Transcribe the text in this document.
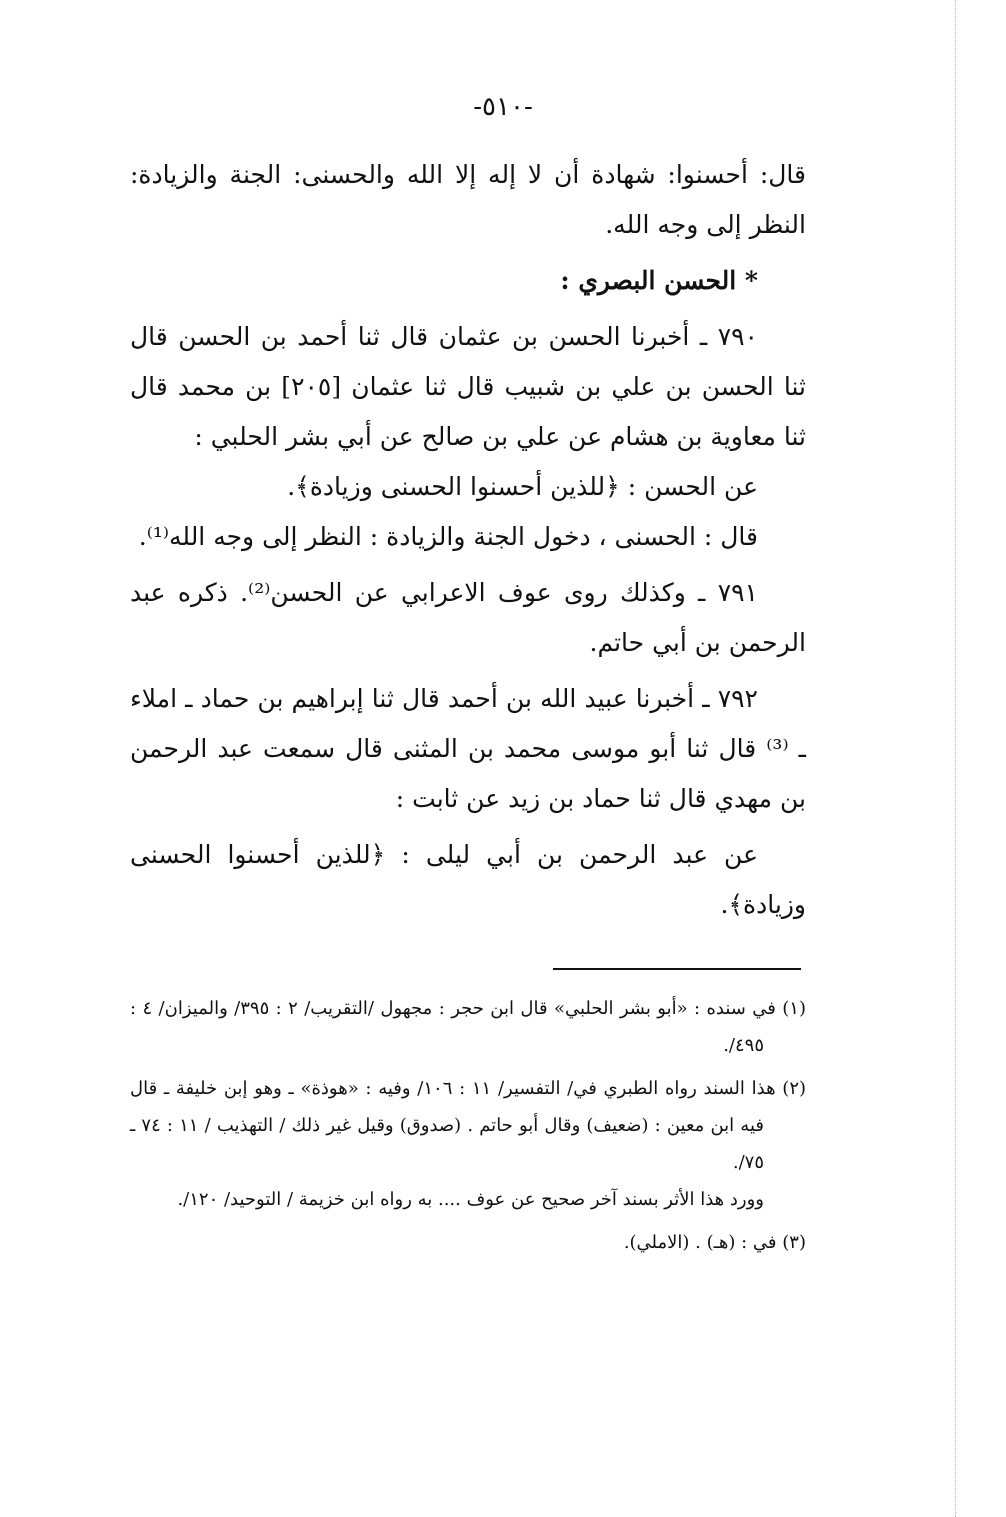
-٥١٠-

قال: أحسنوا: شهادة أن لا إله إلا الله والحسنى: الجنة والزيادة: النظر إلى وجه الله.

‏* الحسن البصري :

٧٩٠ ـ أخبرنا الحسن بن عثمان قال ثنا أحمد بن الحسن قال ثنا الحسن بن علي بن شبيب قال ثنا عثمان [٢٠٥] بن محمد قال ثنا معاوية بن هشام عن علي بن صالح عن أبي بشر الحلبي :

عن الحسن : ﴿للذين أحسنوا الحسنى وزيادة﴾.

قال : الحسنى ، دخول الجنة والزيادة : النظر إلى وجه الله⁽¹⁾.

٧٩١ ـ وكذلك روى عوف الاعرابي عن الحسن⁽²⁾. ذكره عبد الرحمن بن أبي حاتم.

٧٩٢ ـ أخبرنا عبيد الله بن أحمد قال ثنا إبراهيم بن حماد ـ املاء ـ ⁽³⁾ قال ثنا أبو موسى محمد بن المثنى قال سمعت عبد الرحمن بن مهدي قال ثنا حماد بن زيد عن ثابت :

عن عبد الرحمن بن أبي ليلى : ﴿للذين أحسنوا الحسنى وزيادة﴾.

(١) في سنده : «أبو بشر الحلبي» قال ابن حجر : مجهول /التقريب/ ٢ : ٣٩٥/ والميزان/ ٤ : ٤٩٥/.

(٢) هذا السند رواه الطبري في/ التفسير/ ١١ : ١٠٦/ وفيه : «هوذة» ـ وهو إبن خليفة ـ قال فيه ابن معين : (ضعيف) وقال أبو حاتم . (صدوق) وقيل غير ذلك / التهذيب / ١١ : ٧٤ ـ ٧٥/.

وورد هذا الأثر بسند آخر صحيح عن عوف .... به رواه ابن خزيمة / التوحيد/ ١٢٠/.

(٣) في : (هـ) . (الاملي).
